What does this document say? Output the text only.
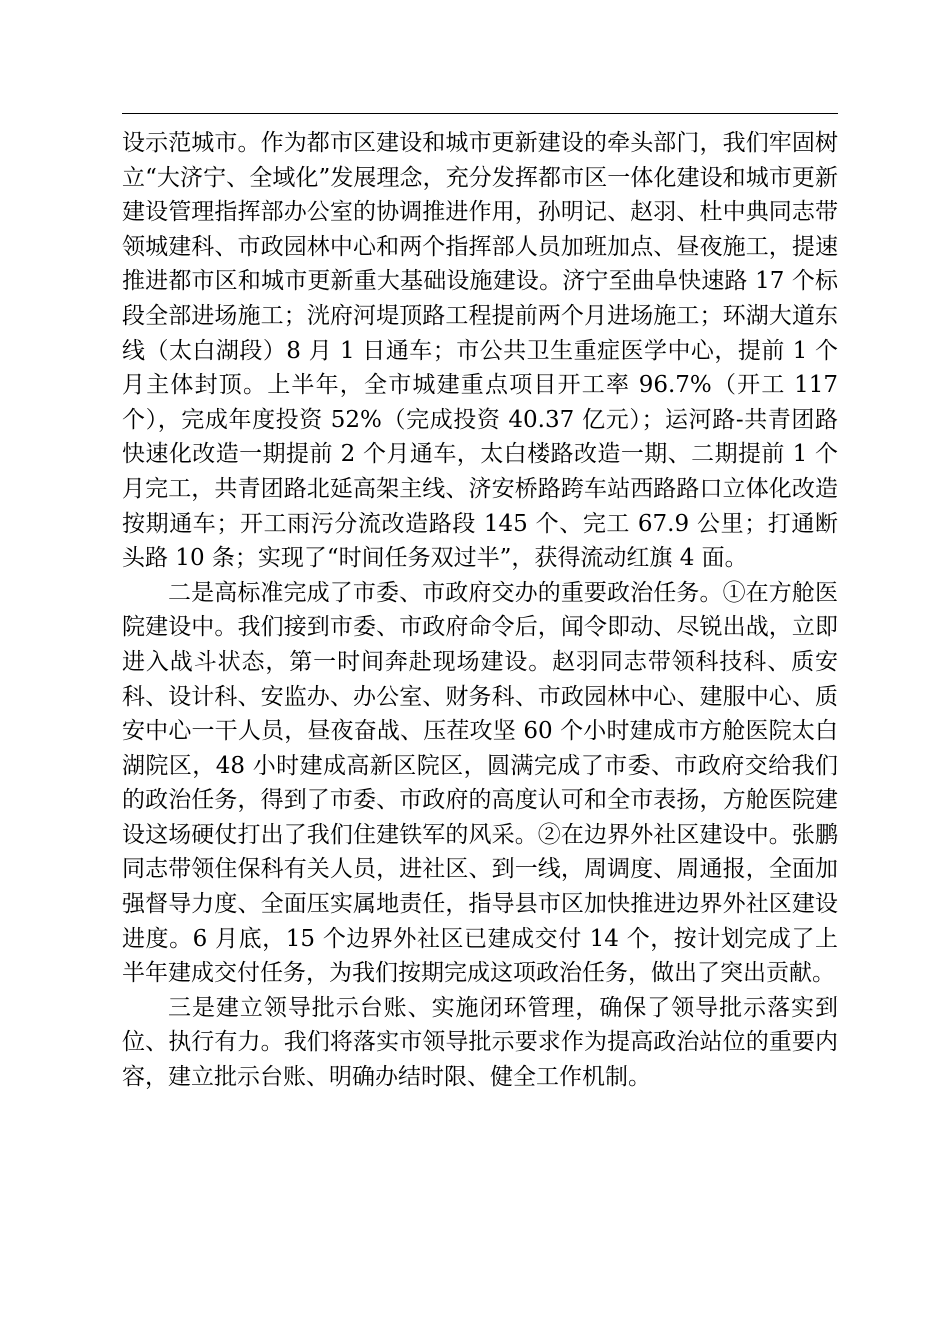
设示范城市。作为都市区建设和城市更新建设的牵头部门，我们牢固树立“大济宁、全域化”发展理念，充分发挥都市区一体化建设和城市更新建设管理指挥部办公室的协调推进作用，孙明记、赵羽、杜中典同志带领城建科、市政园林中心和两个指挥部人员加班加点、昼夜施工，提速推进都市区和城市更新重大基础设施建设。济宁至曲阜快速路 17 个标段全部进场施工；洸府河堤顶路工程提前两个月进场施工；环湖大道东线（太白湖段）8 月 1 日通车；市公共卫生重症医学中心，提前 1 个月主体封顶。上半年，全市城建重点项目开工率 96.7%（开工 117 个），完成年度投资 52%（完成投资 40.37 亿元）；运河路-共青团路快速化改造一期提前 2 个月通车，太白楼路改造一期、二期提前 1 个月完工，共青团路北延高架主线、济安桥路跨车站西路路口立体化改造按期通车；开工雨污分流改造路段 145 个、完工 67.9 公里；打通断头路 10 条；实现了“时间任务双过半”，获得流动红旗 4 面。

二是高标准完成了市委、市政府交办的重要政治任务。①在方舱医院建设中。我们接到市委、市政府命令后，闻令即动、尽锐出战，立即进入战斗状态，第一时间奔赴现场建设。赵羽同志带领科技科、质安科、设计科、安监办、办公室、财务科、市政园林中心、建服中心、质安中心一干人员，昼夜奋战、压茬攻坚 60 个小时建成市方舱医院太白湖院区，48 小时建成高新区院区，圆满完成了市委、市政府交给我们的政治任务，得到了市委、市政府的高度认可和全市表扬，方舱医院建设这场硬仗打出了我们住建铁军的风采。②在边界外社区建设中。张鹏同志带领住保科有关人员，进社区、到一线，周调度、周通报，全面加强督导力度、全面压实属地责任，指导县市区加快推进边界外社区建设进度。6 月底，15 个边界外社区已建成交付 14 个，按计划完成了上半年建成交付任务，为我们按期完成这项政治任务，做出了突出贡献。

三是建立领导批示台账、实施闭环管理，确保了领导批示落实到位、执行有力。我们将落实市领导批示要求作为提高政治站位的重要内容，建立批示台账、明确办结时限、健全工作机制。
